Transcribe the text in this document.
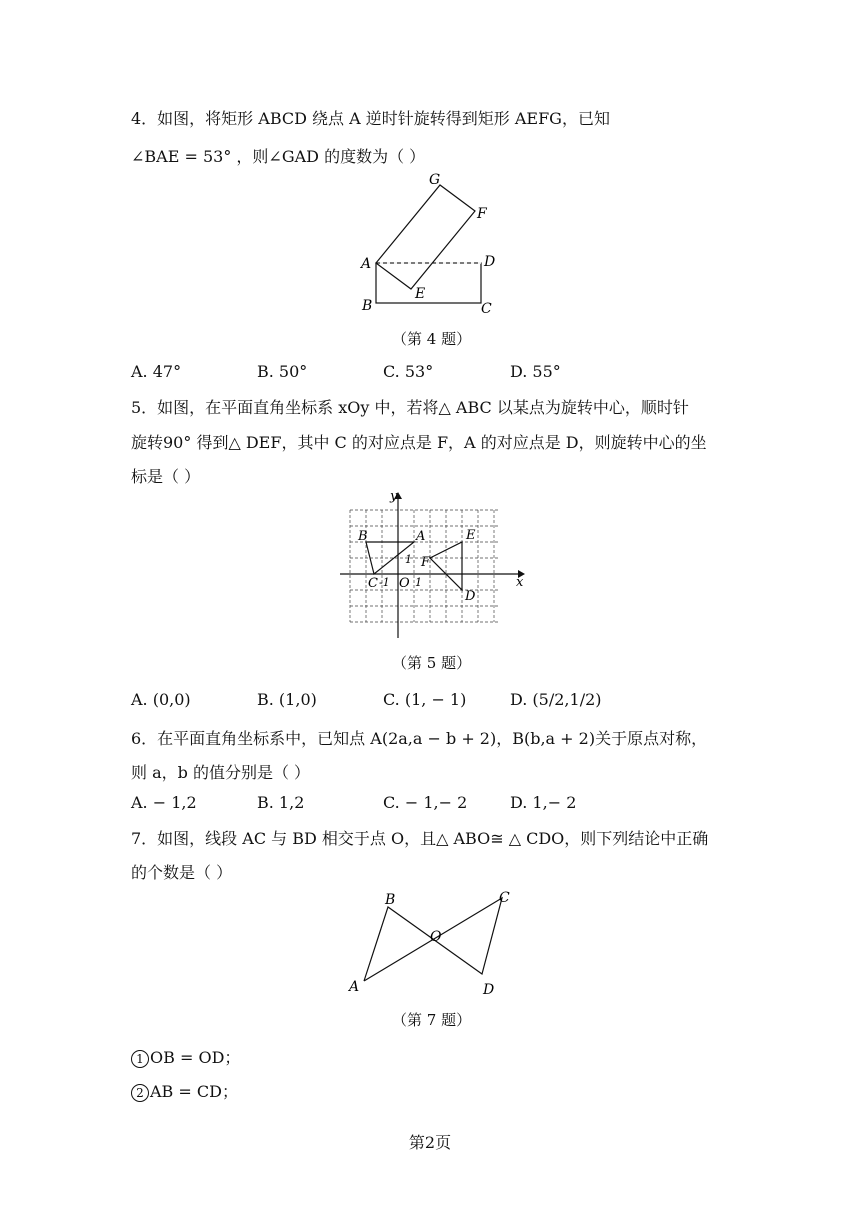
4．如图，将矩形 ABCD 绕点 A 逆时针旋转得到矩形 AEFG，已知
∠BAE = 53° ，则∠GAD 的度数为（ ）
G
F
A	D
E
B	C
（第 4 题）
A. 47°	B. 50°	C. 53°	D. 55°
5．如图，在平面直角坐标系 xOy 中，若将△ ABC 以某点为旋转中心，顺时针
旋转90° 得到△ DEF，其中 C 的对应点是 F，A 的对应点是 D，则旋转中心的坐
标是（ ）
y
x
B	A	E
F
C O
D
1
-1 1
（第 5 题）
A. (0,0)	B. (1,0)	C. (1, − 1)	D. (5/2,1/2)
6．在平面直角坐标系中，已知点 A(2a,a − b + 2)，B(b,a + 2)关于原点对称，
则 a，b 的值分别是（ ）
A. − 1,2	B. 1,2	C. − 1,− 2	D. 1,− 2
7．如图，线段 AC 与 BD 相交于点 O，且△ ABO≅ △ CDO，则下列结论中正确
的个数是（ ）
B	C
O
A	D
（第 7 题）
1 OB = OD；
2 AB = CD；
第2页
